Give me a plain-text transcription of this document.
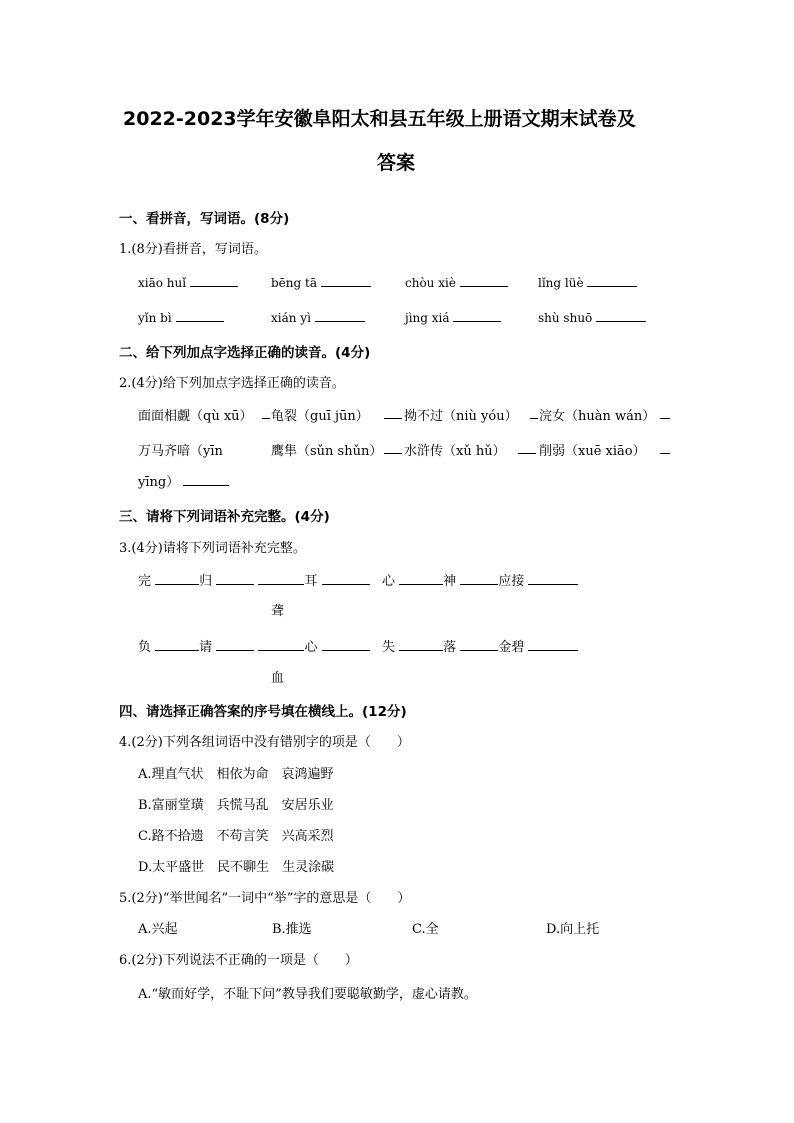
2022-2023学年安徽阜阳太和县五年级上册语文期末试卷及
答案
一、看拼音，写词语。(8分)
1.(8分)看拼音，写词语。
xiāo huǐ	bēng tā	chòu xiè	lǐng lüè
yǐn bì	xián yì	jìng xiá	shù shuō
二、给下列加点字选择正确的读音。(4分)
2.(4分)给下列加点字选择正确的读音。
面面相觑（qù xū） 龟裂（guī jūn）	拗不过（niù yóu） 浣女（huàn wán）
万马齐喑（yīn	鹰隼（sǔn shǔn） 水浒传（xǔ hǔ）	削弱（xuē xiāo）
yīng）
三、请将下列词语补充完整。(4分)
3.(4分)请将下列词语补充完整。
完	归	耳	心	神	应接
聋
负	请	心	失	落	金碧
血
四、请选择正确答案的序号填在横线上。(12分)
4.(2分)下列各组词语中没有错别字的项是（　　）
A.理直气状　相依为命　哀鸿遍野
B.富丽堂璜　兵慌马乱　安居乐业
C.路不拾遗　不苟言笑　兴高采烈
D.太平盛世　民不聊生　生灵涂碳
5.(2分)“举世闻名”一词中“举”字的意思是（　　）
A.兴起	B.推选	C.全	D.向上托
6.(2分)下列说法不正确的一项是（　　）
A.“敏而好学，不耻下问”教导我们要聪敏勤学，虚心请教。
